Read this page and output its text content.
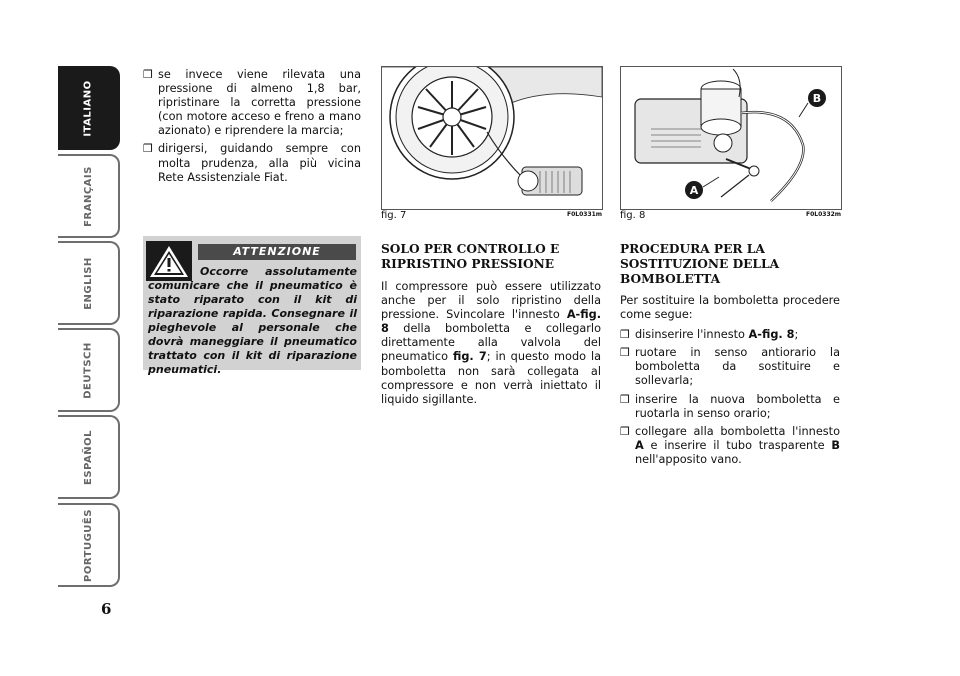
ITALIANO
FRANÇAIS
ENGLISH
DEUTSCH
ESPAÑOL
PORTUGUÊS
6
❒ se invece viene rilevata una pressione di almeno 1,8 bar, ripristinare la corretta pressione (con motore acceso e freno a mano azionato) e riprendere la marcia;
❒ dirigersi, guidando sempre con molta prudenza, alla più vicina Rete Assistenziale Fiat.
ATTENZIONE
Occorre assolutamente comunicare che il pneumatico è stato riparato con il kit di riparazione rapida. Consegnare il pieghevole al personale che dovrà maneggiare il pneumatico trattato con il kit di riparazione pneumatici.
fig. 7	F0L0331m
A
B
fig. 8	F0L0332m
SOLO PER CONTROLLO E RIPRISTINO PRESSIONE
Il compressore può essere utilizzato anche per il solo ripristino della pressione. Svincolare l'innesto A-fig. 8 della bomboletta e collegarlo direttamente alla valvola del pneumatico fig. 7; in questo modo la bomboletta non sarà collegata al compressore e non verrà iniettato il liquido sigillante.
PROCEDURA PER LA SOSTITUZIONE DELLA BOMBOLETTA
Per sostituire la bomboletta procedere come segue:
❒ disinserire l'innesto A-fig. 8;
❒ ruotare in senso antiorario la bomboletta da sostituire e sollevarla;
❒ inserire la nuova bomboletta e ruotarla in senso orario;
❒ collegare alla bomboletta l'innesto A e inserire il tubo trasparente B nell'apposito vano.
